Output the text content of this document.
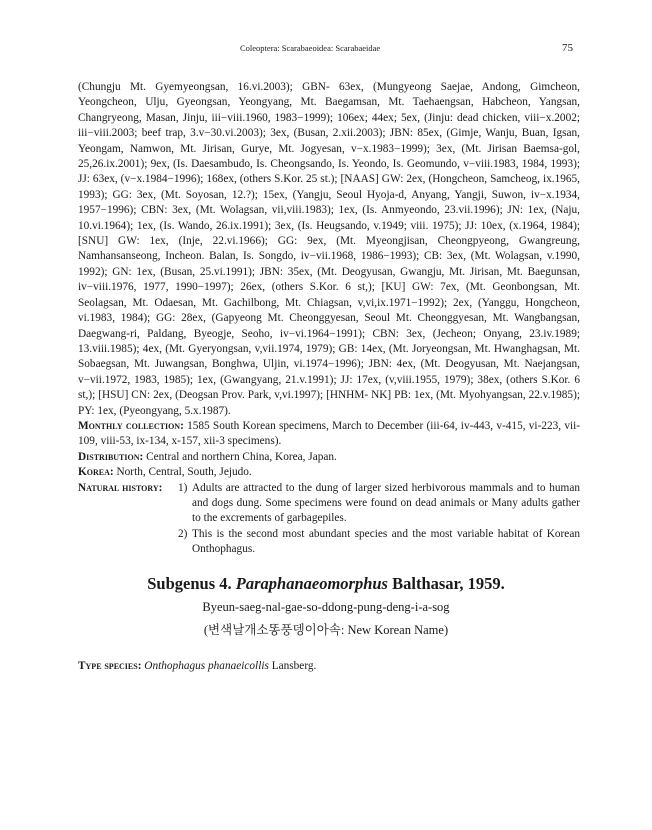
Coleoptera: Scarabaeoidea: Scarabaeidae	75

(Chungju Mt. Gyemyeongsan, 16.vi.2003); GBN- 63ex, (Mungyeong Saejae, Andong, Gimcheon, Yeongcheon, Ulju, Gyeongsan, Yeongyang, Mt. Baegamsan, Mt. Taehaengsan, Habcheon, Yangsan, Changryeong, Masan, Jinju, iii−viii.1960, 1983−1999); 106ex; 44ex; 5ex, (Jinju: dead chicken, viii−x.2002; iii−viii.2003; beef trap, 3.v−30.vi.2003); 3ex, (Busan, 2.xii.2003); JBN: 85ex, (Gimje, Wanju, Buan, Igsan, Yeongam, Namwon, Mt. Jirisan, Gurye, Mt. Jogyesan, v−x.1983−1999); 3ex, (Mt. Jirisan Baemsa-gol, 25,26.ix.2001); 9ex, (Is. Daesambudo, Is. Cheongsando, Is. Yeondo, Is. Geomundo, v−viii.1983, 1984, 1993); JJ: 63ex, (v−x.1984−1996); 168ex, (others S.Kor. 25 st.); [NAAS] GW: 2ex, (Hongcheon, Samcheog, ix.1965, 1993); GG: 3ex, (Mt. Soyosan, 12.?); 15ex, (Yangju, Seoul Hyoja-d, Anyang, Yangji, Suwon, iv−x.1934, 1957−1996); CBN: 3ex, (Mt. Wolagsan, vii,viii.1983); 1ex, (Is. Anmyeondo, 23.vii.1996); JN: 1ex, (Naju, 10.vi.1964); 1ex, (Is. Wando, 26.ix.1991); 3ex, (Is. Heugsando, v.1949; viii. 1975); JJ: 10ex, (x.1964, 1984); [SNU] GW: 1ex, (Inje, 22.vi.1966); GG: 9ex, (Mt. Myeongjisan, Cheongpyeong, Gwangreung, Namhansanseong, Incheon. Balan, Is. Songdo, iv−vii.1968, 1986−1993); CB: 3ex, (Mt. Wolagsan, v.1990, 1992); GN: 1ex, (Busan, 25.vi.1991); JBN: 35ex, (Mt. Deogyusan, Gwangju, Mt. Jirisan, Mt. Baegunsan, iv−viii.1976, 1977, 1990−1997); 26ex, (others S.Kor. 6 st,); [KU] GW: 7ex, (Mt. Geonbongsan, Mt. Seolagsan, Mt. Odaesan, Mt. Gachilbong, Mt. Chiagsan, v,vi,ix.1971−1992); 2ex, (Yanggu, Hongcheon, vi.1983, 1984); GG: 28ex, (Gapyeong Mt. Cheonggyesan, Seoul Mt. Cheonggyesan, Mt. Wangbangsan, Daegwang-ri, Paldang, Byeogje, Seoho, iv−vi.1964−1991); CBN: 3ex, (Jecheon; Onyang, 23.iv.1989; 13.viii.1985); 4ex, (Mt. Gyeryongsan, v,vii.1974, 1979); GB: 14ex, (Mt. Joryeongsan, Mt. Hwanghagsan, Mt. Sobaegsan, Mt. Juwangsan, Bonghwa, Uljin, vi.1974−1996); JBN: 4ex, (Mt. Deogyusan, Mt. Naejangsan, v−vii.1972, 1983, 1985); 1ex, (Gwangyang, 21.v.1991); JJ: 17ex, (v,viii.1955, 1979); 38ex, (others S.Kor. 6 st,); [HSU] CN: 2ex, (Deogsan Prov. Park, v,vi.1997); [HNHM- NK] PB: 1ex, (Mt. Myohyangsan, 22.v.1985); PY: 1ex, (Pyeongyang, 5.x.1987).

Monthly collection: 1585 South Korean specimens, March to December (iii-64, iv-443, v-415, vi-223, vii-109, viii-53, ix-134, x-157, xii-3 specimens).

Distribution: Central and northern China, Korea, Japan.

Korea: North, Central, South, Jejudo.

Natural history:	1) Adults are attracted to the dung of larger sized herbivorous mammals and to human and dogs dung. Some specimens were found on dead animals or Many adults gather to the excrements of garbagepiles.
2) This is the second most abundant species and the most variable habitat of Korean Onthophagus.
Subgenus 4. Paraphanaeomorphus Balthasar, 1959.
Byeun-saeg-nal-gae-so-ddong-pung-deng-i-a-sog
(변색날개소똥풍뎅이아속: New Korean Name)
Type species: Onthophagus phanaeicollis Lansberg.
